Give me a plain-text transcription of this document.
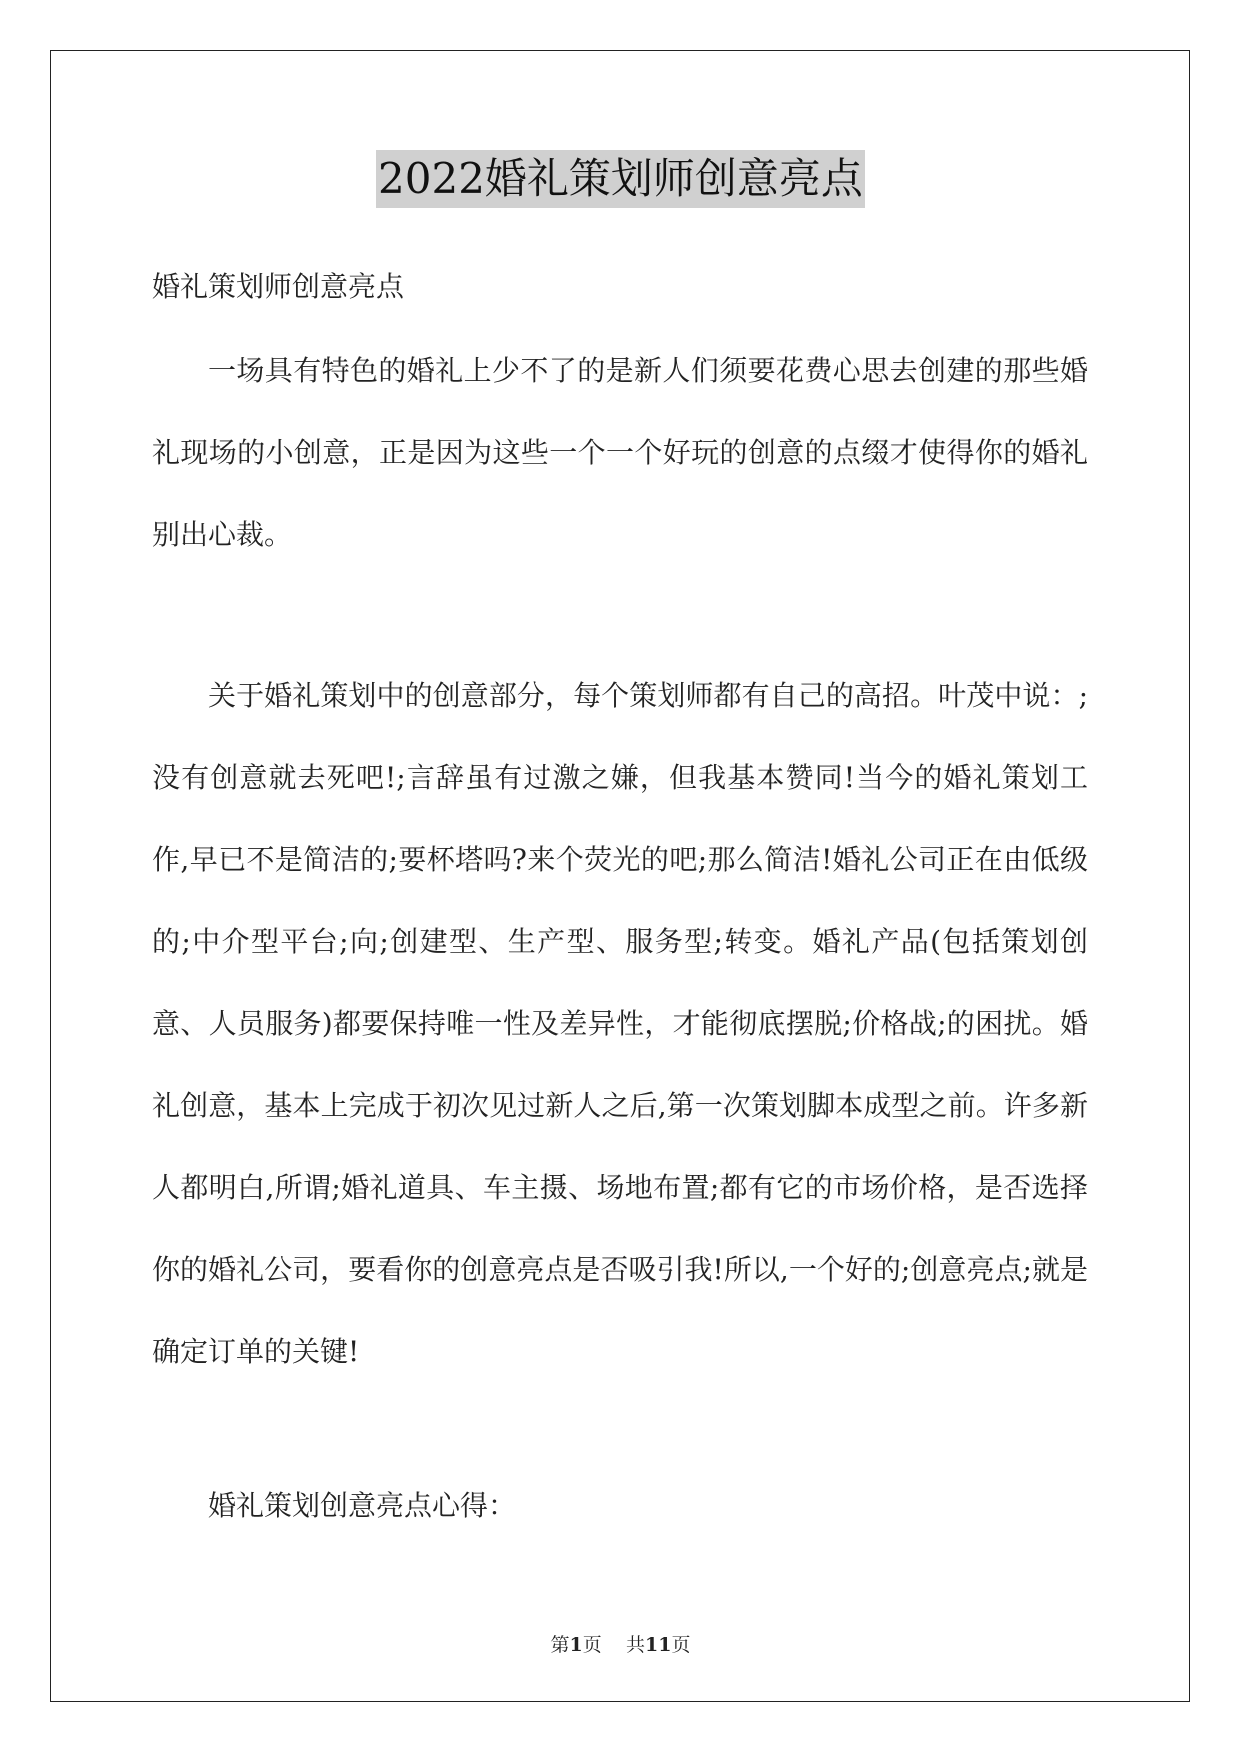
2022婚礼策划师创意亮点
婚礼策划师创意亮点

一场具有特色的婚礼上少不了的是新人们须要花费心思去创建的那些婚礼现场的小创意，正是因为这些一个一个好玩的创意的点缀才使得你的婚礼别出心裁。

关于婚礼策划中的创意部分，每个策划师都有自己的高招。叶茂中说：;没有创意就去死吧!;言辞虽有过激之嫌，但我基本赞同!当今的婚礼策划工作,早已不是简洁的;要杯塔吗?来个荧光的吧;那么简洁!婚礼公司正在由低级的;中介型平台;向;创建型、生产型、服务型;转变。婚礼产品(包括策划创意、人员服务)都要保持唯一性及差异性，才能彻底摆脱;价格战;的困扰。婚礼创意，基本上完成于初次见过新人之后,第一次策划脚本成型之前。许多新人都明白,所谓;婚礼道具、车主摄、场地布置;都有它的市场价格，是否选择你的婚礼公司，要看你的创意亮点是否吸引我!所以,一个好的;创意亮点;就是确定订单的关键!

婚礼策划创意亮点心得：

第1页 共11页
